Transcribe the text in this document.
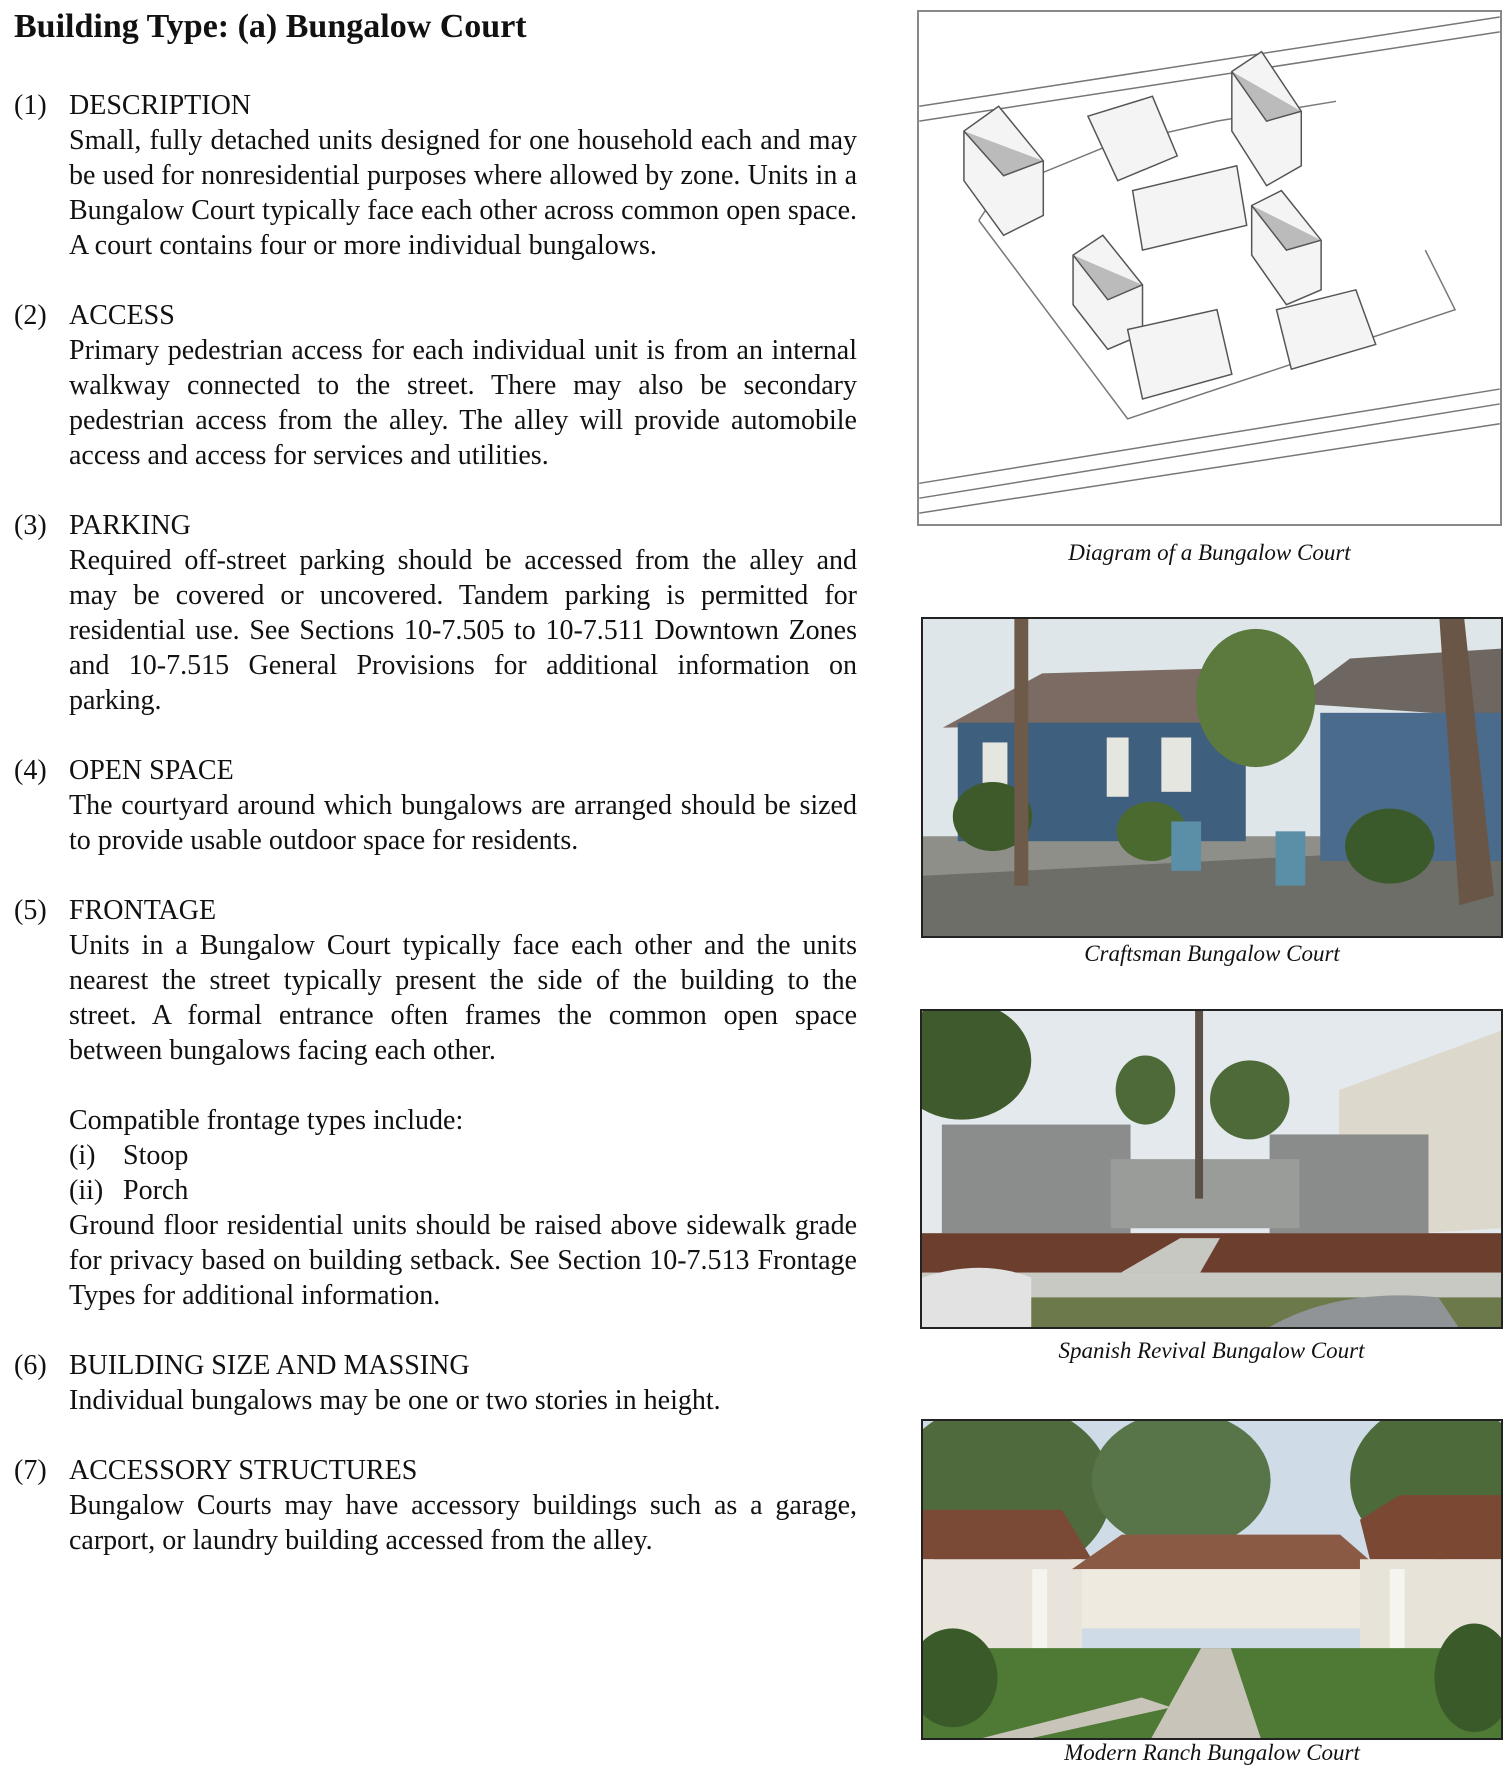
Building Type: (a) Bungalow Court
(1) DESCRIPTION
Small, fully detached units designed for one household each and may be used for nonresidential purposes where allowed by zone. Units in a Bungalow Court typically face each other across common open space. A court contains four or more individual bungalows.
(2) ACCESS
Primary pedestrian access for each individual unit is from an internal walkway connected to the street. There may also be secondary pedestrian access from the alley. The alley will provide automobile access and access for services and utilities.
(3) PARKING
Required off-street parking should be accessed from the alley and may be covered or uncovered. Tandem parking is permitted for residential use. See Sections 10-7.505 to 10-7.511 Downtown Zones and 10-7.515 General Provisions for additional information on parking.
(4) OPEN SPACE
The courtyard around which bungalows are arranged should be sized to provide usable outdoor space for residents.
(5) FRONTAGE
Units in a Bungalow Court typically face each other and the units nearest the street typically present the side of the building to the street. A formal entrance often frames the common open space between bungalows facing each other.
Compatible frontage types include:
(i) Stoop
(ii) Porch
Ground floor residential units should be raised above sidewalk grade for privacy based on building setback. See Section 10-7.513 Frontage Types for additional information.
(6) BUILDING SIZE AND MASSING
Individual bungalows may be one or two stories in height.
(7) ACCESSORY STRUCTURES
Bungalow Courts may have accessory buildings such as a garage, carport, or laundry building accessed from the alley.
Diagram of a Bungalow Court
Craftsman Bungalow Court
Spanish Revival Bungalow Court
Modern Ranch Bungalow Court
